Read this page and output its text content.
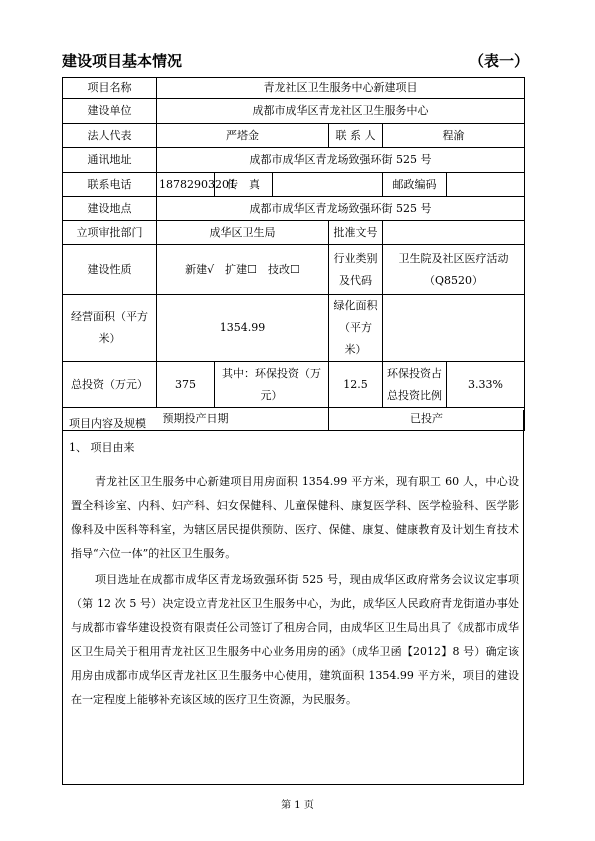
建设项目基本情况	（表一）
项目名称	青龙社区卫生服务中心新建项目					
建设单位	成都市成华区青龙社区卫生服务中心					
法人代表	严塔金			联 系 人	程渝	
通讯地址	成都市成华区青龙场致强环街 525 号					
联系电话	18782903201	传　真			邮政编码	
建设地点	成都市成华区青龙场致强环街 525 号					
立项审批部门	成华区卫生局			批准文号		
建设性质	新建√　扩建☐　技改☐			行业类别及代码	卫生院及社区医疗活动（Q8520）	
经营面积（平方米）	1354.99			绿化面积（平方米）		
总投资（万元）	375	其中：环保投资（万元）		12.5	环保投资占总投资比例	3.33%
预期投产日期				已投产		
项目内容及规模
1、 项目由来

青龙社区卫生服务中心新建项目用房面积 1354.99 平方米，现有职工 60 人，中心设置全科诊室、内科、妇产科、妇女保健科、儿童保健科、康复医学科、医学检验科、医学影像科及中医科等科室，为辖区居民提供预防、医疗、保健、康复、健康教育及计划生育技术指导“六位一体”的社区卫生服务。

项目选址在成都市成华区青龙场致强环街 525 号，现由成华区政府常务会议议定事项（第 12 次 5 号）决定设立青龙社区卫生服务中心，为此，成华区人民政府青龙街道办事处与成都市睿华建设投资有限责任公司签订了租房合同，由成华区卫生局出具了《成都市成华区卫生局关于租用青龙社区卫生服务中心业务用房的函》（成华卫函【2012】8 号）确定该用房由成都市成华区青龙社区卫生服务中心使用，建筑面积 1354.99 平方米，项目的建设在一定程度上能够补充该区域的医疗卫生资源，为民服务。

第 1 页
